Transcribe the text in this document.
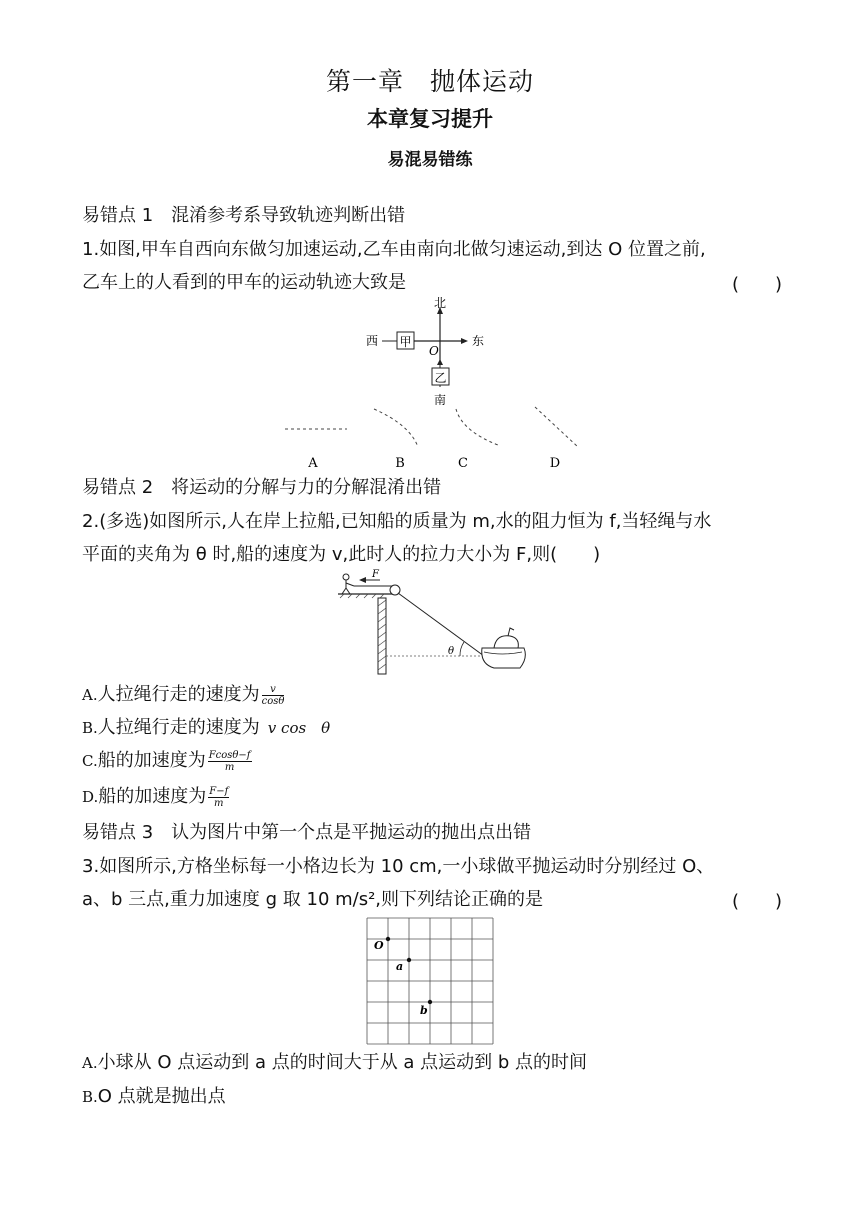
第一章　抛体运动
本章复习提升
易混易错练
易错点 1　混淆参考系导致轨迹判断出错
1.如图,甲车自西向东做匀加速运动,乙车由南向北做匀速运动,到达 O 位置之前,
乙车上的人看到的甲车的运动轨迹大致是	(　　)
甲
乙
北
南
东
西
O
A	B	C	D
易错点 2　将运动的分解与力的分解混淆出错
2.(多选)如图所示,人在岸上拉船,已知船的质量为 m,水的阻力恒为 f,当轻绳与水
平面的夹角为 θ 时,船的速度为 v,此时人的拉力大小为 F,则(　　)
F
θ
A.人拉绳行走的速度为 $\frac{v}{\cos\theta}$
B.人拉绳行走的速度为 v cos　θ
C.船的加速度为 $\frac{Fcos\theta-f}{m}$
D.船的加速度为 $\frac{F-f}{m}$
易错点 3　认为图片中第一个点是平抛运动的抛出点出错
3.如图所示,方格坐标每一小格边长为 10 cm,一小球做平抛运动时分别经过 O、
a、b 三点,重力加速度 g 取 10 m/s²,则下列结论正确的是	(　　)
O
a
b
A.小球从 O 点运动到 a 点的时间大于从 a 点运动到 b 点的时间
B.O 点就是抛出点
